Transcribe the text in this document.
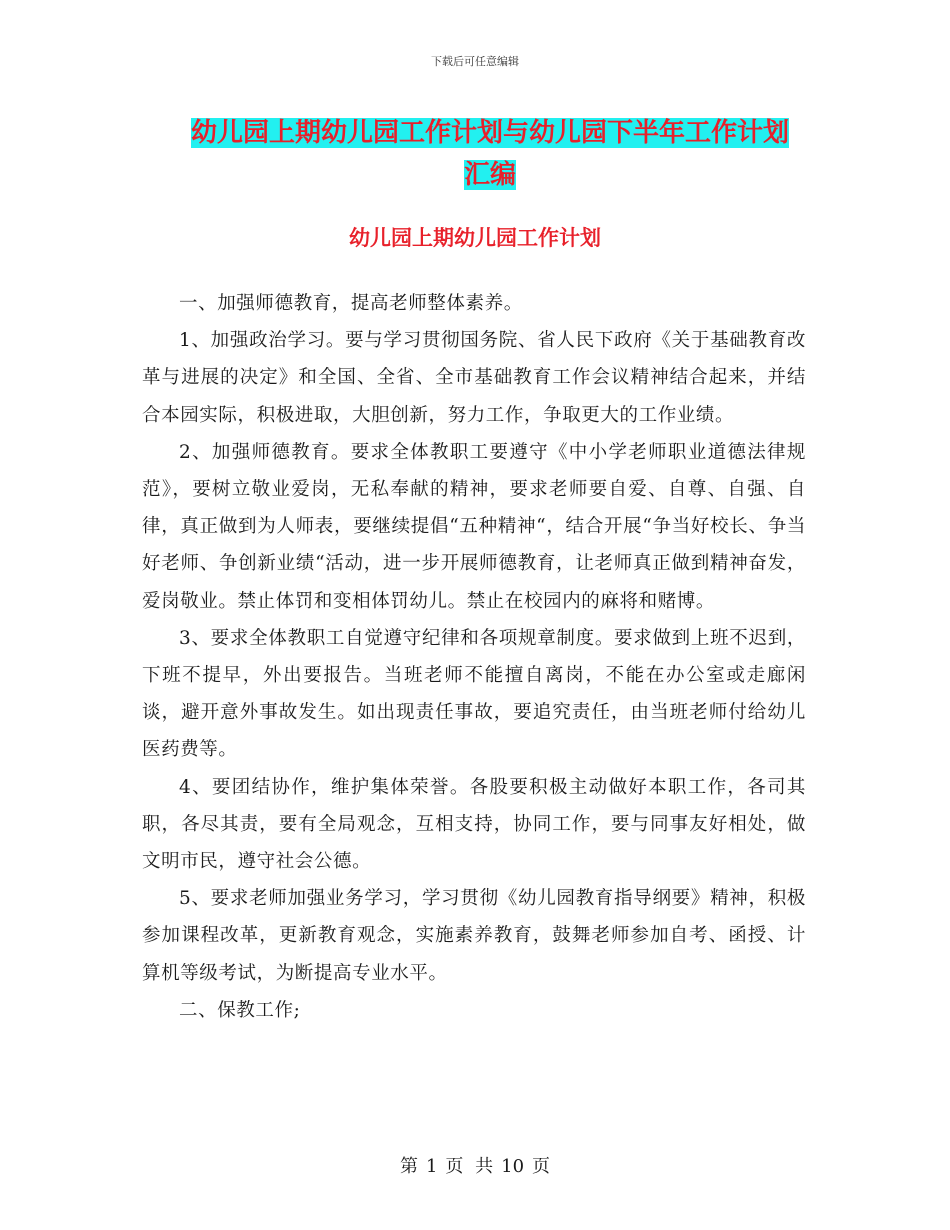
下载后可任意编辑
幼儿园上期幼儿园工作计划与幼儿园下半年工作计划
汇编
幼儿园上期幼儿园工作计划

一、加强师德教育，提高老师整体素养。

1、加强政治学习。要与学习贯彻国务院、省人民下政府《关于基础教育改革与进展的决定》和全国、全省、全市基础教育工作会议精神结合起来，并结合本园实际，积极进取，大胆创新，努力工作，争取更大的工作业绩。

2、加强师德教育。要求全体教职工要遵守《中小学老师职业道德法律规范》，要树立敬业爱岗，无私奉献的精神，要求老师要自爱、自尊、自强、自律，真正做到为人师表，要继续提倡“五种精神“，结合开展“争当好校长、争当好老师、争创新业绩“活动，进一步开展师德教育，让老师真正做到精神奋发，爱岗敬业。禁止体罚和变相体罚幼儿。禁止在校园内的麻将和赌博。

3、要求全体教职工自觉遵守纪律和各项规章制度。要求做到上班不迟到，下班不提早，外出要报告。当班老师不能擅自离岗，不能在办公室或走廊闲谈，避开意外事故发生。如出现责任事故，要追究责任，由当班老师付给幼儿医药费等。

4、要团结协作，维护集体荣誉。各股要积极主动做好本职工作，各司其职，各尽其责，要有全局观念，互相支持，协同工作，要与同事友好相处，做文明市民，遵守社会公德。

5、要求老师加强业务学习，学习贯彻《幼儿园教育指导纲要》精神，积极参加课程改革，更新教育观念，实施素养教育，鼓舞老师参加自考、函授、计算机等级考试，为断提高专业水平。

二、保教工作;

第 1 页 共 10 页
